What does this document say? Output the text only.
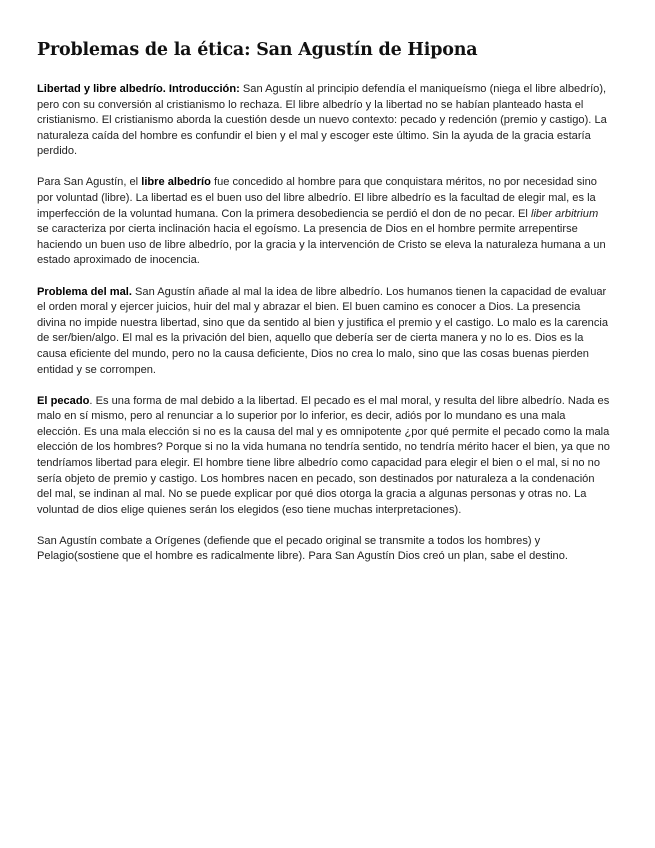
Problemas de la ética: San Agustín de Hipona

Libertad y libre albedrío. Introducción: San Agustín al principio defendía el maniqueísmo (niega el libre albedrío), pero con su conversión al cristianismo lo rechaza. El libre albedrío y la libertad no se habían planteado hasta el cristianismo. El cristianismo aborda la cuestión desde un nuevo contexto: pecado y redención (premio y castigo). La naturaleza caída del hombre es confundir el bien y el mal y escoger este último. Sin la ayuda de la gracia estaría perdido.

Para San Agustín, el libre albedrío fue concedido al hombre para que conquistara méritos, no por necesidad sino por voluntad (libre). La libertad es el buen uso del libre albedrío. El libre albedrío es la facultad de elegir mal, es la imperfección de la voluntad humana. Con la primera desobediencia se perdió el don de no pecar. El liber arbitrium se caracteriza por cierta inclinación hacia el egoísmo. La presencia de Dios en el hombre permite arrepentirse haciendo un buen uso de libre albedrío, por la gracia y la intervención de Cristo se eleva la naturaleza humana a un estado aproximado de inocencia.

Problema del mal. San Agustín añade al mal la idea de libre albedrío. Los humanos tienen la capacidad de evaluar el orden moral y ejercer juicios, huir del mal y abrazar el bien. El buen camino es conocer a Dios. La presencia divina no impide nuestra libertad, sino que da sentido al bien y justifica el premio y el castigo. Lo malo es la carencia de ser/bien/algo. El mal es la privación del bien, aquello que debería ser de cierta manera y no lo es. Dios es la causa eficiente del mundo, pero no la causa deficiente, Dios no crea lo malo, sino que las cosas buenas pierden entidad y se corrompen.

El pecado. Es una forma de mal debido a la libertad. El pecado es el mal moral, y resulta del libre albedrío. Nada es malo en sí mismo, pero al renunciar a lo superior por lo inferior, es decir, adiós por lo mundano es una mala elección. Es una mala elección si no es la causa del mal y es omnipotente ¿por qué permite el pecado como la mala elección de los hombres? Porque si no la vida humana no tendría sentido, no tendría mérito hacer el bien, ya que no tendríamos libertad para elegir. El hombre tiene libre albedrío como capacidad para elegir el bien o el mal, si no no sería objeto de premio y castigo. Los hombres nacen en pecado, son destinados por naturaleza a la condenación del mal, se indinan al mal. No se puede explicar por qué dios otorga la gracia a algunas personas y otras no. La voluntad de dios elige quienes serán los elegidos (eso tiene muchas interpretaciones).

San Agustín combate a Orígenes (defiende que el pecado original se transmite a todos los hombres) y Pelagio(sostiene que el hombre es radicalmente libre). Para San Agustín Dios creó un plan, sabe el destino.
